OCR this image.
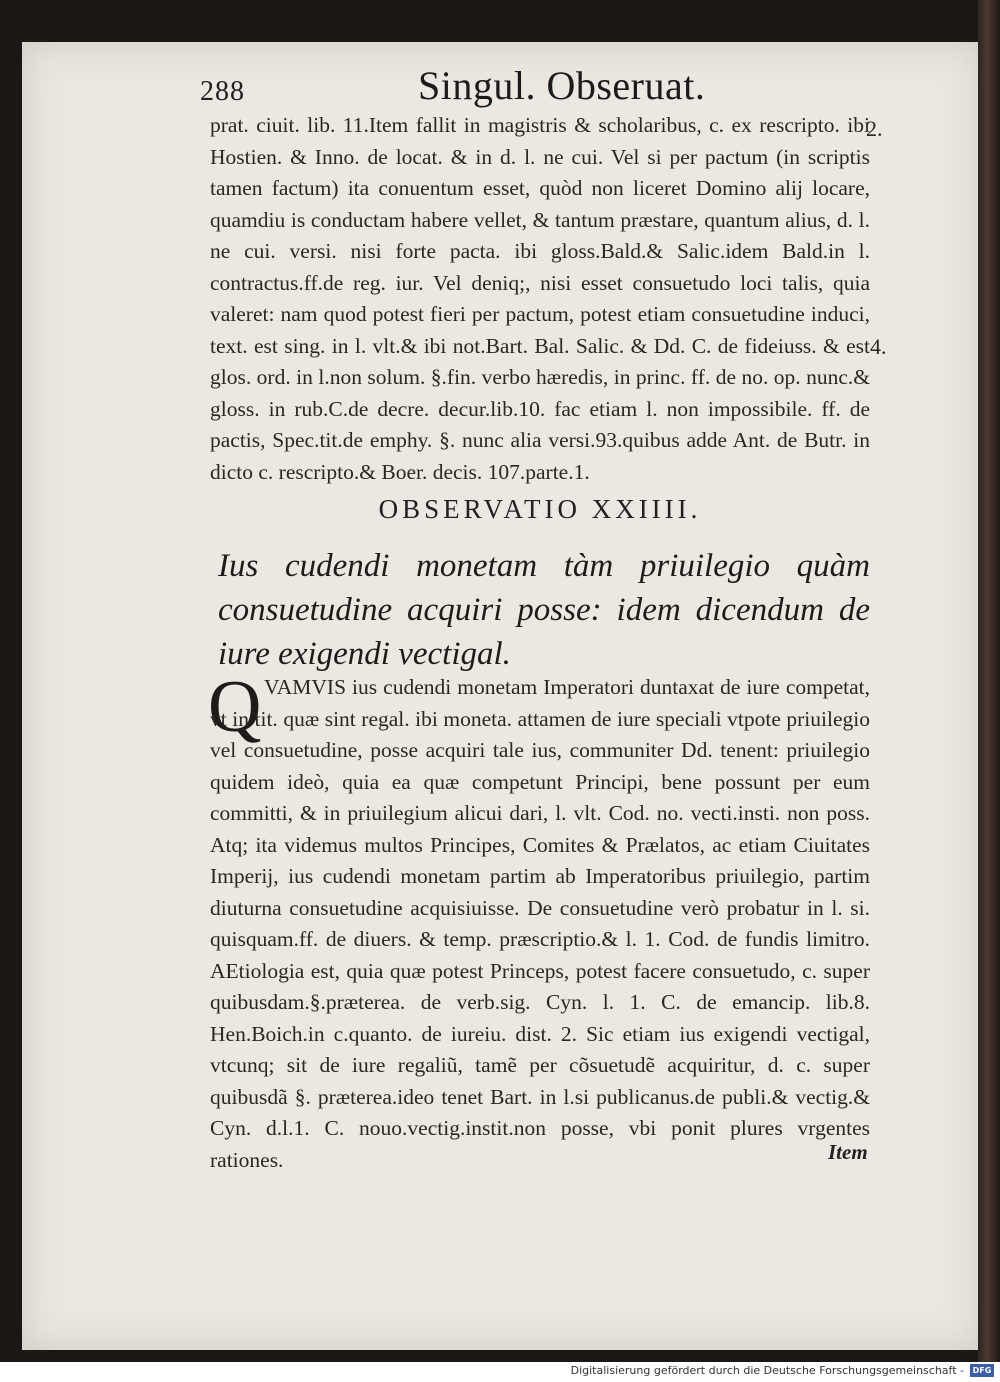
288	Singul. Obseruat.

prat. ciuit. lib. 11.Item fallit in magistris & scholaribus, c. ex rescripto. ibi Hostien. & Inno. de locat. & in d. l. ne cui. Vel si per pactum (in scriptis tamen factum) ita conuentum esset, quòd non liceret Domino alij locare, quamdiu is conductam habere vellet, & tantum præstare, quantum alius, d. l. ne cui. versi. nisi forte pacta. ibi gloss.Bald.& Salic.idem Bald.in l. contractus.ff.de reg. iur. Vel deniq;, nisi esset consuetudo loci talis, quia valeret: nam quod potest fieri per pactum, potest etiam consuetudine induci, text. est sing. in l. vlt.& ibi not.Bart. Bal. Salic. & Dd. C. de fideiuss. & est glos. ord. in l.non solum. §.fin. verbo hæredis, in princ. ff. de no. op. nunc.& gloss. in rub.C.de decre. decur.lib.10. fac etiam l. non impossibile. ff. de pactis, Spec.tit.de emphy. §. nunc alia versi.93.quibus adde Ant. de Butr. in dicto c. rescripto.& Boer. decis. 107.parte.1.

2.
4.
OBSERVATIO XXIIII.
Ius cudendi monetam tàm priuilegio quàm consuetudine acquiri posse: idem dicendum de iure exigendi vectigal.
Q VAMVIS ius cudendi monetam Imperatori duntaxat de iure competat, vt in tit. quæ sint regal. ibi moneta. attamen de iure speciali vtpote priuilegio vel consuetudine, posse acquiri tale ius, communiter Dd. tenent: priuilegio quidem ideò, quia ea quæ competunt Principi, bene possunt per eum committi, & in priuilegium alicui dari, l. vlt. Cod. no. vecti.insti. non poss. Atq; ita videmus multos Principes, Comites & Prælatos, ac etiam Ciuitates Imperij, ius cudendi monetam partim ab Imperatoribus priuilegio, partim diuturna consuetudine acquisiuisse. De consuetudine verò probatur in l. si. quisquam.ff. de diuers. & temp. præscriptio.& l. 1. Cod. de fundis limitro. AEtiologia est, quia quæ potest Princeps, potest facere consuetudo, c. super quibusdam.§.præterea. de verb.sig. Cyn. l. 1. C. de emancip. lib.8. Hen.Boich.in c.quanto. de iureiu. dist. 2. Sic etiam ius exigendi vectigal, vtcunq; sit de iure regaliũ, tamẽ per cõsuetudẽ acquiritur, d. c. super quibusdã §. præterea.ideo tenet Bart. in l.si publicanus.de publi.& vectig.& Cyn. d.l.1. C. nouo.vectig.instit.non posse, vbi ponit plures vrgentes rationes.	Item
Digitalisierung gefördert durch die Deutsche Forschungsgemeinschaft -	DFG
